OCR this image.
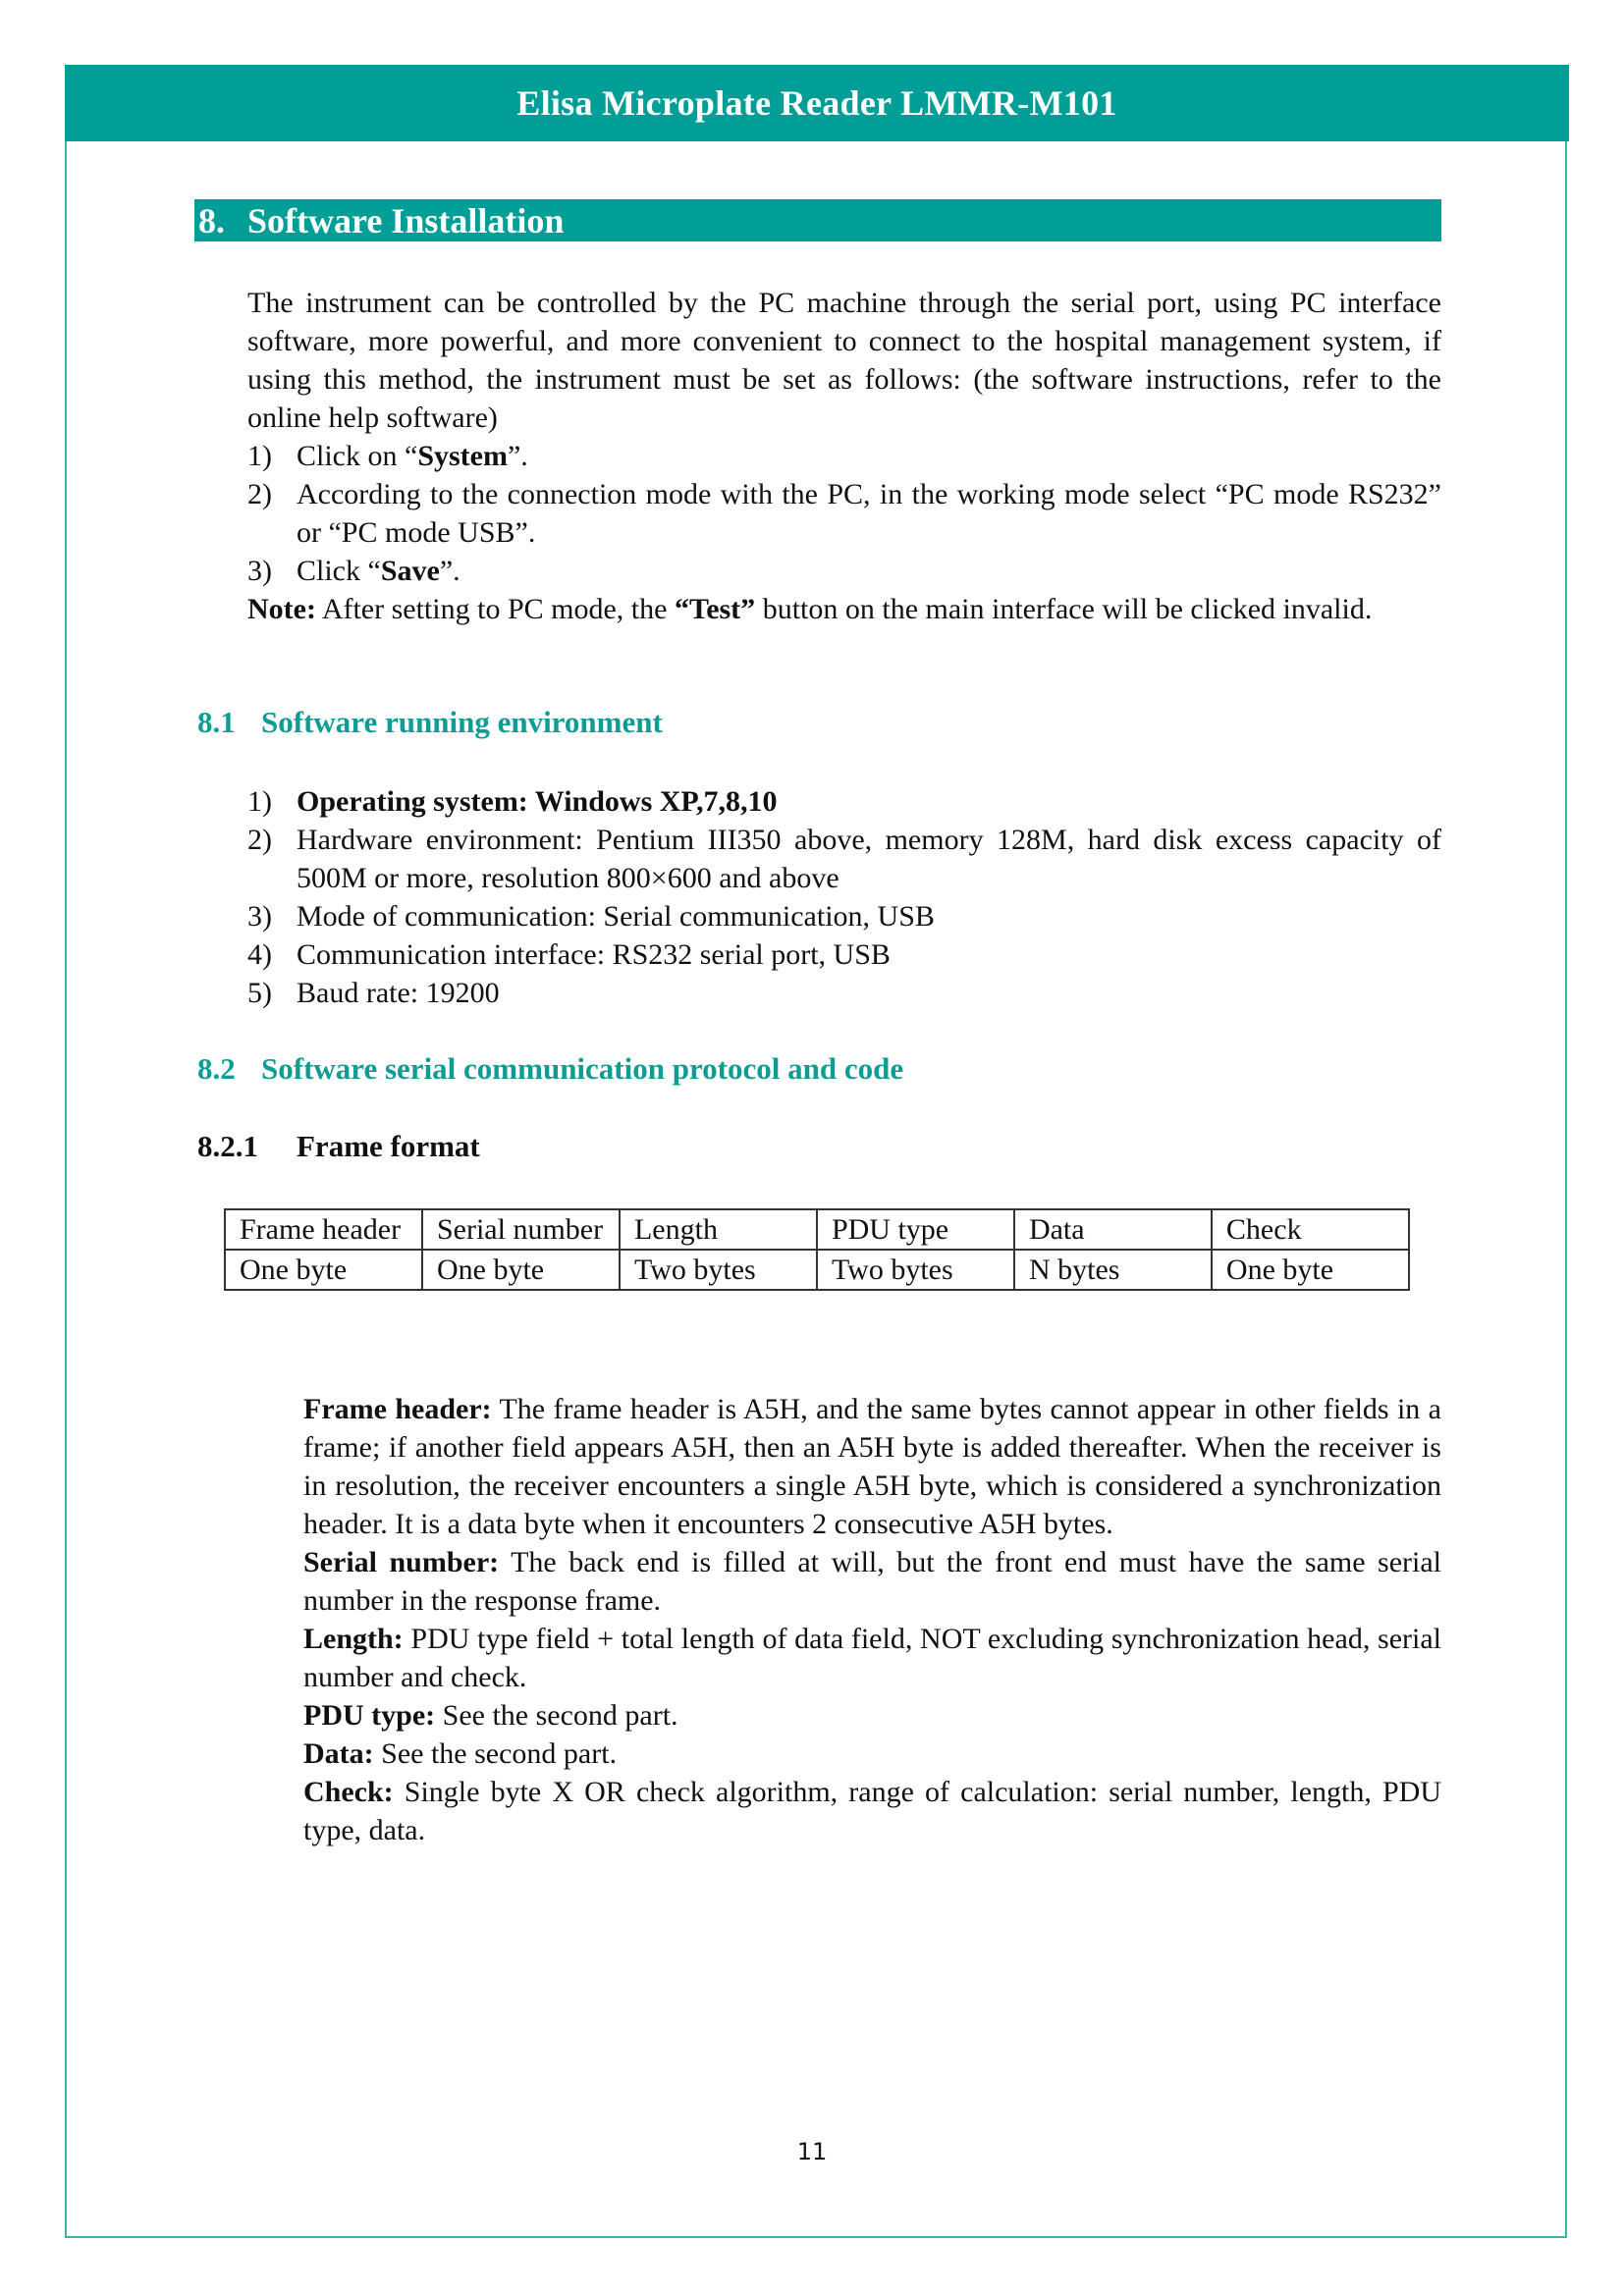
Elisa Microplate Reader LMMR-M101
8. Software Installation

The instrument can be controlled by the PC machine through the serial port, using PC interface software, more powerful, and more convenient to connect to the hospital management system, if using this method, the instrument must be set as follows: (the software instructions, refer to the online help software)

1) Click on “System”.
2) According to the connection mode with the PC, in the working mode select “PC mode RS232” or “PC mode USB”.
3) Click “Save”.

Note: After setting to PC mode, the “Test” button on the main interface will be clicked invalid.

8.1 Software running environment
1) Operating system: Windows XP,7,8,10
2) Hardware environment: Pentium III350 above, memory 128M, hard disk excess capacity of 500M or more, resolution 800×600 and above
3) Mode of communication: Serial communication, USB
4) Communication interface: RS232 serial port, USB
5) Baud rate: 19200
8.2 Software serial communication protocol and code
8.2.1 Frame format
Frame header	Serial number	Length	PDU type	Data	Check
One byte	One byte	Two bytes	Two bytes	N bytes	One byte

Frame header: The frame header is A5H, and the same bytes cannot appear in other fields in a frame; if another field appears A5H, then an A5H byte is added thereafter. When the receiver is in resolution, the receiver encounters a single A5H byte, which is considered a synchronization header. It is a data byte when it encounters 2 consecutive A5H bytes.

Serial number: The back end is filled at will, but the front end must have the same serial number in the response frame.

Length: PDU type field + total length of data field, NOT excluding synchronization head, serial number and check.

PDU type: See the second part.

Data: See the second part.

Check: Single byte X OR check algorithm, range of calculation: serial number, length, PDU type, data.

11
